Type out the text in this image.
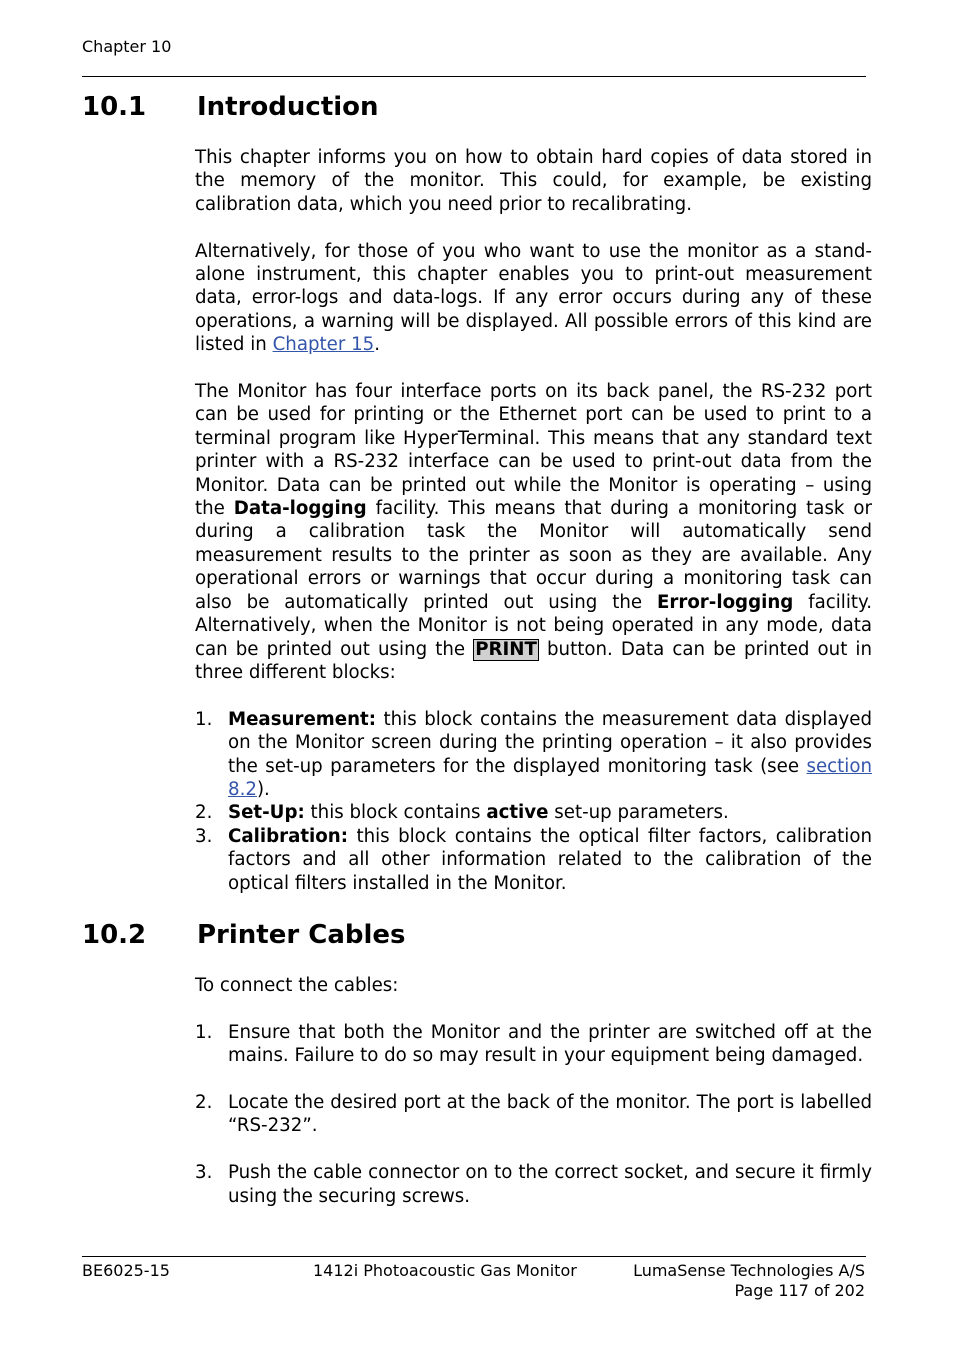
Chapter 10
10.1 Introduction

This chapter informs you on how to obtain hard copies of data stored in the memory of the monitor. This could, for example, be existing calibration data, which you need prior to recalibrating.

Alternatively, for those of you who want to use the monitor as a stand-alone instrument, this chapter enables you to print-out measurement data, error-logs and data-logs. If any error occurs during any of these operations, a warning will be displayed. All possible errors of this kind are listed in Chapter 15.

The Monitor has four interface ports on its back panel, the RS-232 port can be used for printing or the Ethernet port can be used to print to a terminal program like HyperTerminal. This means that any standard text printer with a RS-232 interface can be used to print-out data from the Monitor. Data can be printed out while the Monitor is operating – using the Data-logging facility. This means that during a monitoring task or during a calibration task the Monitor will automatically send measurement results to the printer as soon as they are available. Any operational errors or warnings that occur during a monitoring task can also be automatically printed out using the Error-logging facility. Alternatively, when the Monitor is not being operated in any mode, data can be printed out using the PRINT button. Data can be printed out in three different blocks:

1. Measurement: this block contains the measurement data displayed on the Monitor screen during the printing operation – it also provides the set-up parameters for the displayed monitoring task (see section 8.2).
2. Set-Up: this block contains active set-up parameters.
3. Calibration: this block contains the optical filter factors, calibration factors and all other information related to the calibration of the optical filters installed in the Monitor.
10.2 Printer Cables

To connect the cables:

1. Ensure that both the Monitor and the printer are switched off at the mains. Failure to do so may result in your equipment being damaged.
2. Locate the desired port at the back of the monitor. The port is labelled “RS-232”.
3. Push the cable connector on to the correct socket, and secure it firmly using the securing screws.
BE6025-15	1412i Photoacoustic Gas Monitor	LumaSense Technologies A/S
Page 117 of 202
